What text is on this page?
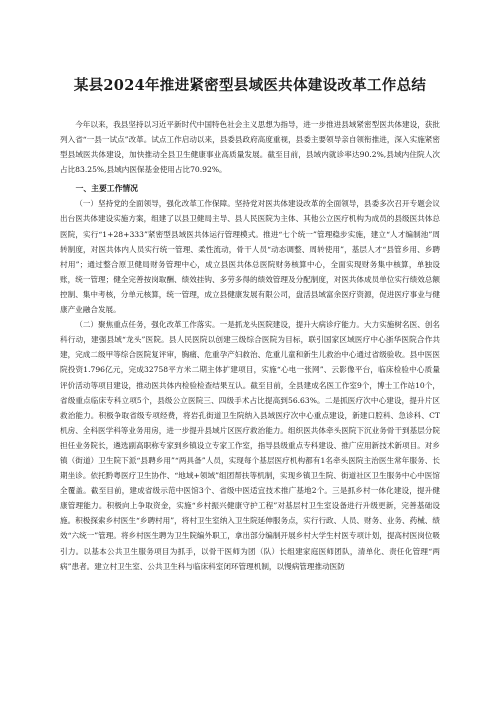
某县2024年推进紧密型县域医共体建设改革工作总结

今年以来，我县坚持以习近平新时代中国特色社会主义思想为指导，进一步推进县域紧密型医共体建设，获批列入省“一县一试点”改革。试点工作启动以来，县委县政府高度重视，县委主要领导亲自领衔推进，深入实施紧密型县域医共体建设，加快推动全县卫生健康事业高质量发展。截至目前，县域内就诊率达90.2%,县域内住院人次占比83.25%,县域内医保基金使用占比70.92%。

一、主要工作情况

（一）坚持党的全面领导，强化改革工作保障。坚持党对医共体建设改革的全面领导，县委多次召开专题会议出台医共体建设实施方案，组建了以县卫健局主导、县人民医院为主体、其他公立医疗机构为成员的县级医共体总医院，实行“1+28+333”紧密型县域医共体运行管理模式。推进“七个统一”管理稳步实施，建立“人才编制池”周转制度，对医共体内人员实行统一管理、柔性流动，骨干人员“动态调整、周转使用”，基层人才“县管乡用、乡聘村用”；通过整合原卫健局财务管理中心，成立县医共体总医院财务核算中心，全面实现财务集中核算，单独设账，统一管理；健全完善按岗取酬、绩效挂钩、多劳多得的绩效管理及分配制度，对医共体成员单位实行绩效总额控制、集中考核，分单元核算，统一管理，成立县健康发展有限公司，盘活县域富余医疗资源，促进医疗事业与健康产业融合发展。

（二）聚焦重点任务，强化改革工作落实。一是抓龙头医院建设，提升大病诊疗能力。大力实施树名医、创名科行动，建强县域“龙头”医院。县人民医院以创建三级综合医院为目标，联引国家区域医疗中心浙华医院合作共建，完成二级甲等综合医院复评审，胸痛、危重孕产妇救治、危重儿童和新生儿救治中心通过省级验收。县中医医院投资1.796亿元，完成32758平方米二期主体扩建项目，实施“心电一张网”、云影像平台，临床检验中心质量评价活动等项目建设，推动医共体内检验检查结果互认。截至目前，全县建成名医工作室9个，博士工作站10个，省级重点临床专科立项5个，县级公立医院三、四级手术占比提高到56.63%。二是抓医疗次中心建设，提升片区救治能力。积极争取省级专项经费，将岩孔街道卫生院纳入县域医疗次中心重点建设，新建口腔科、急诊科、CT机房、全科医学科等业务用房，进一步提升县域片区医疗救治能力。组织医共体牵头医院下沉业务骨干到基层分院担任业务院长，遴选副高职称专家到乡镇设立专家工作室，指导县级重点专科建设、推广应用新技术新项目。对乡镇（街道）卫生院下派“县聘乡用”“两具备”人员，实现每个基层医疗机构都有1名牵头医院主治医生常年服务、长期坐诊。依托黔粤医疗卫生协作、“地域+领域”组团帮扶等机制，实现乡镇卫生院、街道社区卫生服务中心中医馆全覆盖。截至目前，建成省级示范中医馆3个、省级中医适宜技术推广基地2个。三是抓乡村一体化建设，提升健康管理能力。积极向上争取资金，实施“乡村振兴健康守护工程”对基层村卫生室设备进行升级更新，完善基础设施。积极探索乡村医生“乡聘村用”，将村卫生室纳入卫生院延伸服务点，实行行政、人员、财务、业务、药械、绩效“六统一”管理。将乡村医生聘为卫生院编外职工，拿出部分编制开展乡村大学生村医专项计划，提高村医岗位吸引力。以基本公共卫生服务项目为抓手，以骨干医师为团（队）长组建家庭医师团队，清单化、责任化管理“两病”患者。建立村卫生室、公共卫生科与临床科室闭环管理机制，以慢病管理推动医防
